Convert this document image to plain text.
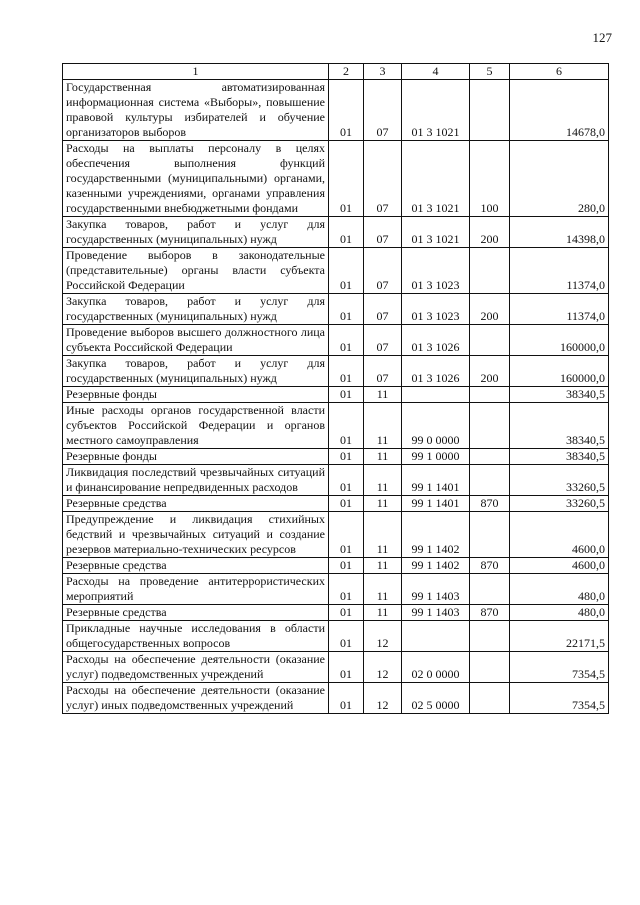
127
1	2	3	4	5	6
Государственная автоматизированная информационная система «Выборы», повышение правовой культуры избирателей и обучение организаторов выборов	01	07	01 3 1021		14678,0
Расходы на выплаты персоналу в целях обеспечения выполнения функций государственными (муниципальными) органами, казенными учреждениями, органами управления государственными внебюджетными фондами	01	07	01 3 1021	100	280,0
Закупка товаров, работ и услуг для государственных (муниципальных) нужд	01	07	01 3 1021	200	14398,0
Проведение выборов в законодательные (представительные) органы власти субъекта Российской Федерации	01	07	01 3 1023		11374,0
Закупка товаров, работ и услуг для государственных (муниципальных) нужд	01	07	01 3 1023	200	11374,0
Проведение выборов высшего должностного лица субъекта Российской Федерации	01	07	01 3 1026		160000,0
Закупка товаров, работ и услуг для государственных (муниципальных) нужд	01	07	01 3 1026	200	160000,0
Резервные фонды	01	11			38340,5
Иные расходы органов государственной власти субъектов Российской Федерации и органов местного самоуправления	01	11	99 0 0000		38340,5
Резервные фонды	01	11	99 1 0000		38340,5
Ликвидация последствий чрезвычайных ситуаций и финансирование непредвиденных расходов	01	11	99 1 1401		33260,5
Резервные средства	01	11	99 1 1401	870	33260,5
Предупреждение и ликвидация стихийных бедствий и чрезвычайных ситуаций и создание резервов материально-технических ресурсов	01	11	99 1 1402		4600,0
Резервные средства	01	11	99 1 1402	870	4600,0
Расходы на проведение антитеррористических мероприятий	01	11	99 1 1403		480,0
Резервные средства	01	11	99 1 1403	870	480,0
Прикладные научные исследования в области общегосударственных вопросов	01	12			22171,5
Расходы на обеспечение деятельности (оказание услуг) подведомственных учреждений	01	12	02 0 0000		7354,5
Расходы на обеспечение деятельности (оказание услуг) иных подведомственных учреждений	01	12	02 5 0000		7354,5
